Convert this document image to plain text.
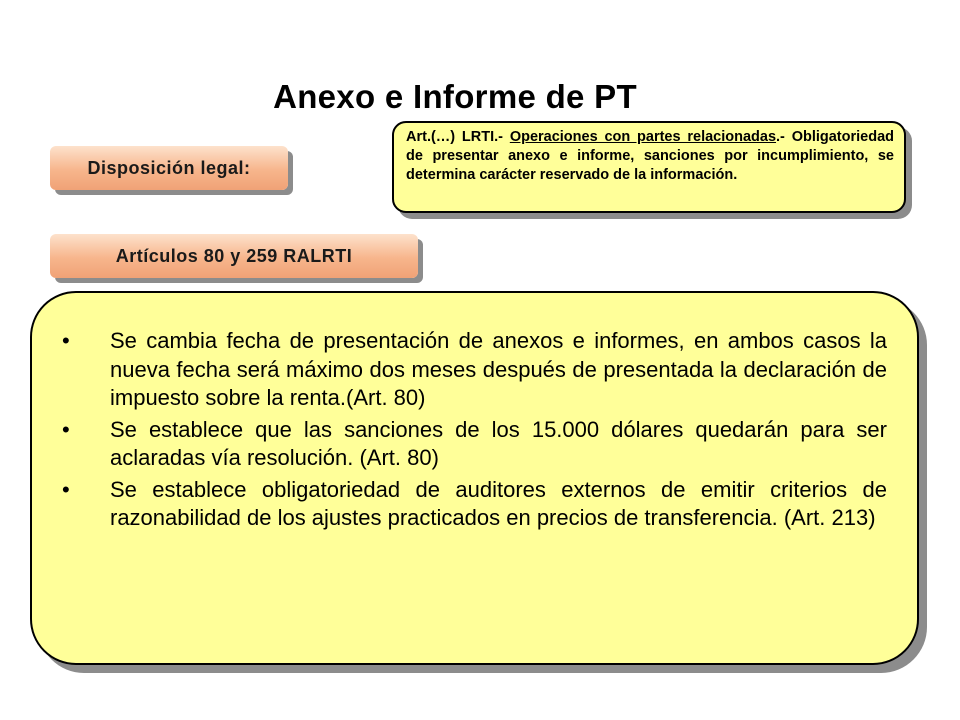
Anexo e Informe de PT
Disposición legal:
Art.(…) LRTI.- Operaciones con partes relacionadas.- Obligatoriedad de presentar anexo e informe, sanciones por incumplimiento, se determina carácter reservado de la información.
Artículos 80 y 259 RALRTI
• Se cambia fecha de presentación de anexos e informes, en ambos casos la nueva fecha será máximo dos meses después de presentada la declaración de impuesto sobre la renta.(Art. 80)
• Se establece que las sanciones de los 15.000 dólares quedarán para ser aclaradas vía resolución. (Art. 80)
• Se establece obligatoriedad de auditores externos de emitir criterios de razonabilidad de los ajustes practicados en precios de transferencia. (Art. 213)
